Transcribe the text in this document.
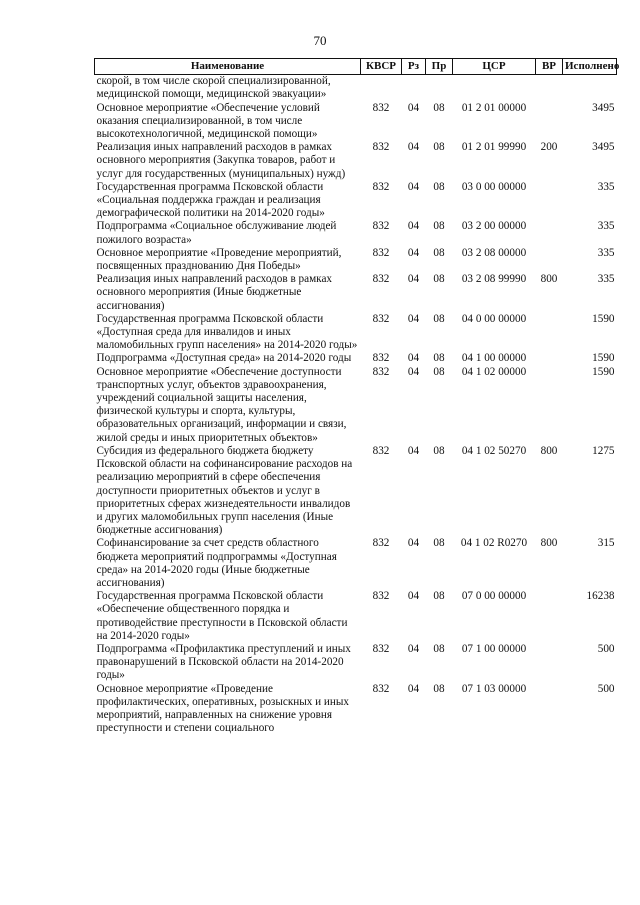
70
Наименование	КВСР	Рз	Пр	ЦСР	ВР	Исполнено
скорой, в том числе скорой специализированной, медицинской помощи, медицинской эвакуации»						
Основное мероприятие «Обеспечение условий оказания специализированной, в том числе высокотехнологичной, медицинской помощи»	832	04	08	01 2 01 00000		3495
Реализация иных направлений расходов в рамках основного мероприятия (Закупка товаров, работ и услуг для государственных (муниципальных) нужд)	832	04	08	01 2 01 99990	200	3495
Государственная программа Псковской области «Социальная поддержка граждан и реализация демографической политики на 2014-2020 годы»	832	04	08	03 0 00 00000		335
Подпрограмма «Социальное обслуживание людей пожилого возраста»	832	04	08	03 2 00 00000		335
Основное мероприятие «Проведение мероприятий, посвященных празднованию Дня Победы»	832	04	08	03 2 08 00000		335
Реализация иных направлений расходов в рамках основного мероприятия (Иные бюджетные ассигнования)	832	04	08	03 2 08 99990	800	335
Государственная программа Псковской области «Доступная среда для инвалидов и иных маломобильных групп населения» на 2014-2020 годы»	832	04	08	04 0 00 00000		1590
Подпрограмма «Доступная среда» на 2014-2020 годы	832	04	08	04 1 00 00000		1590
Основное мероприятие «Обеспечение доступности транспортных услуг, объектов здравоохранения, учреждений социальной защиты населения, физической культуры и спорта, культуры, образовательных организаций, информации и связи, жилой среды и иных приоритетных объектов»	832	04	08	04 1 02 00000		1590
Субсидия из федерального бюджета бюджету Псковской области на софинансирование расходов на реализацию мероприятий в сфере обеспечения доступности приоритетных объектов и услуг в приоритетных сферах жизнедеятельности инвалидов и других маломобильных групп населения (Иные бюджетные ассигнования)	832	04	08	04 1 02 50270	800	1275
Софинансирование за счет средств областного бюджета мероприятий подпрограммы «Доступная среда» на 2014-2020 годы (Иные бюджетные ассигнования)	832	04	08	04 1 02 R0270	800	315
Государственная программа Псковской области «Обеспечение общественного порядка и противодействие преступности в Псковской области на 2014-2020 годы»	832	04	08	07 0 00 00000		16238
Подпрограмма «Профилактика преступлений и иных правонарушений в Псковской области на 2014-2020 годы»	832	04	08	07 1 00 00000		500
Основное мероприятие «Проведение профилактических, оперативных, розыскных и иных мероприятий, направленных на снижение уровня преступности и степени социального	832	04	08	07 1 03 00000		500
